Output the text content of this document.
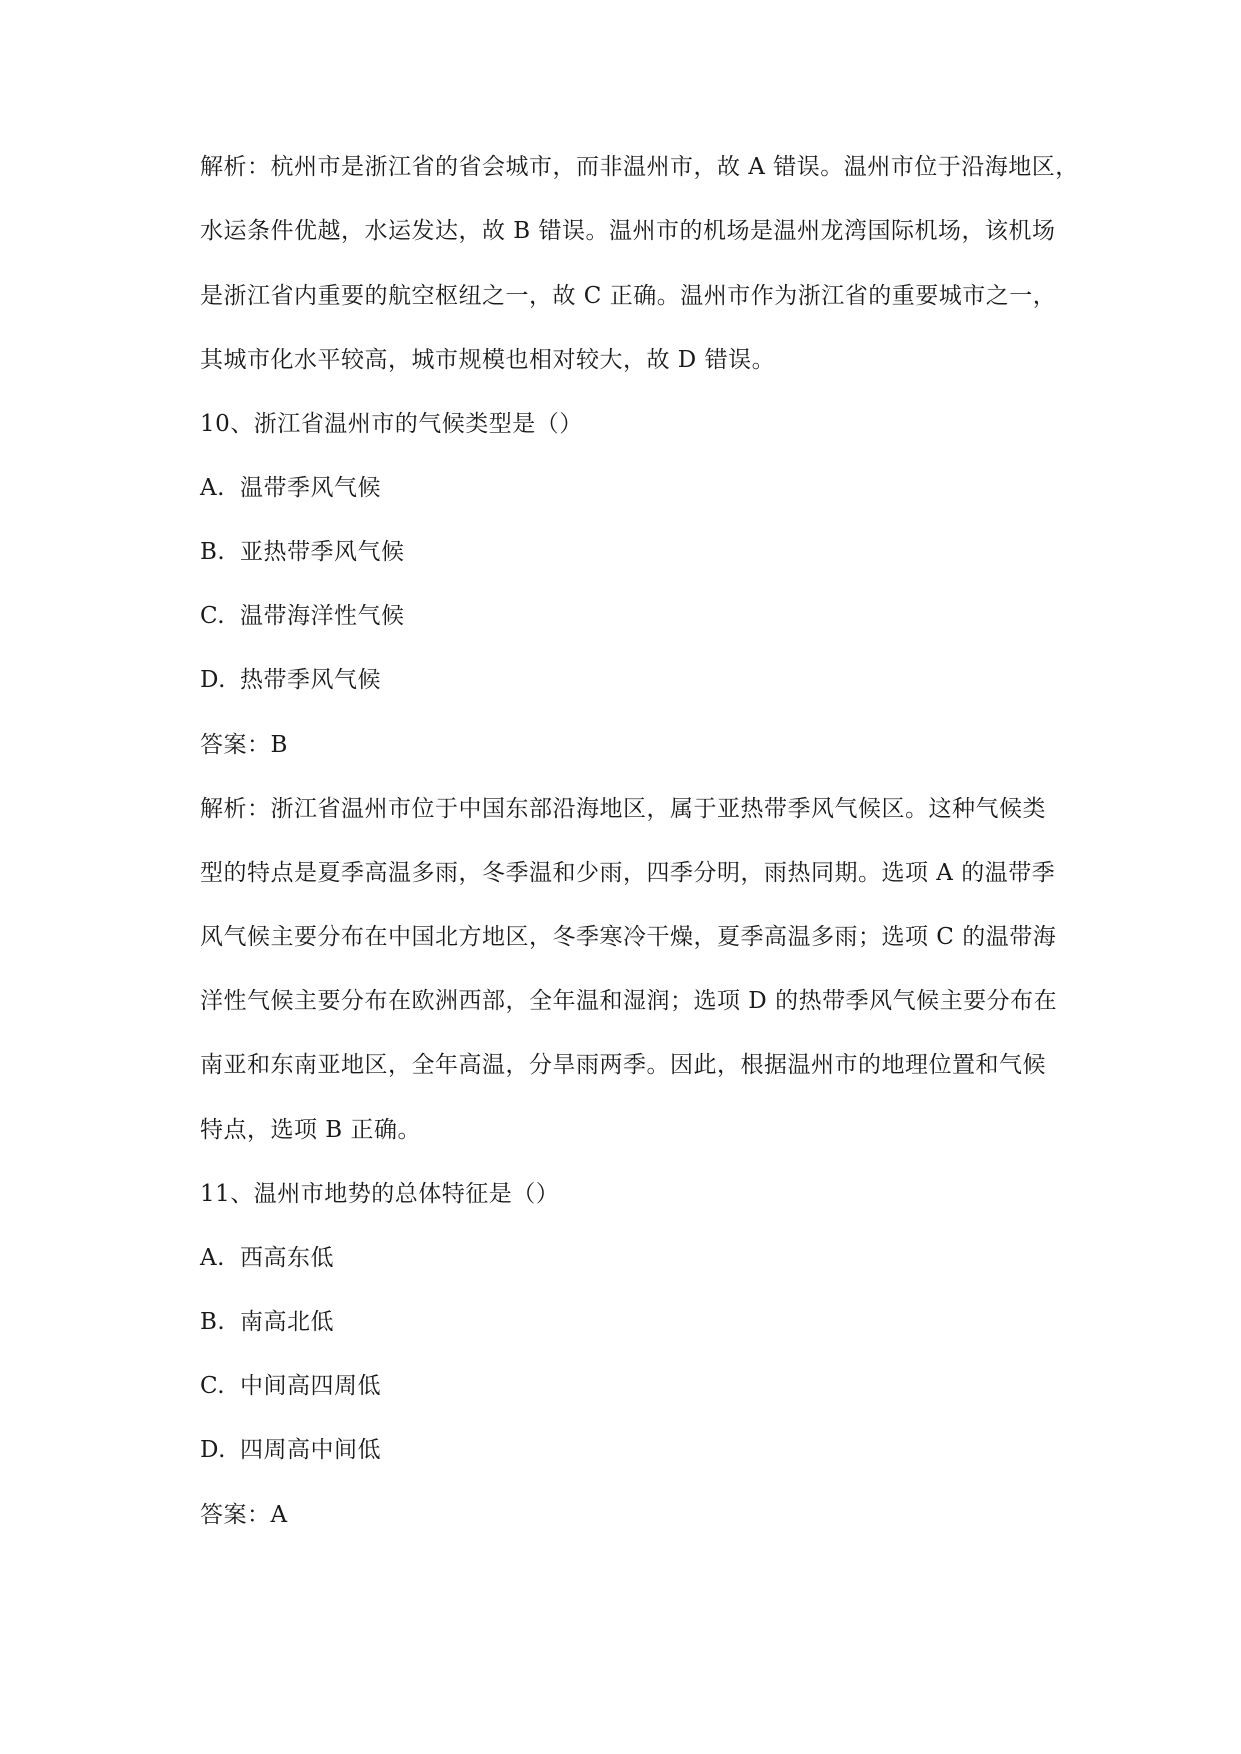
解析：杭州市是浙江省的省会城市，而非温州市，故 A 错误。温州市位于沿海地区，
水运条件优越，水运发达，故 B 错误。温州市的机场是温州龙湾国际机场，该机场
是浙江省内重要的航空枢纽之一，故 C 正确。温州市作为浙江省的重要城市之一，
其城市化水平较高，城市规模也相对较大，故 D 错误。
10、浙江省温州市的气候类型是（）
A. 温带季风气候
B. 亚热带季风气候
C. 温带海洋性气候
D. 热带季风气候
答案：B
解析：浙江省温州市位于中国东部沿海地区，属于亚热带季风气候区。这种气候类
型的特点是夏季高温多雨，冬季温和少雨，四季分明，雨热同期。选项 A 的温带季
风气候主要分布在中国北方地区，冬季寒冷干燥，夏季高温多雨；选项 C 的温带海
洋性气候主要分布在欧洲西部，全年温和湿润；选项 D 的热带季风气候主要分布在
南亚和东南亚地区，全年高温，分旱雨两季。因此，根据温州市的地理位置和气候
特点，选项 B 正确。
11、温州市地势的总体特征是（）
A. 西高东低
B. 南高北低
C. 中间高四周低
D. 四周高中间低
答案：A
